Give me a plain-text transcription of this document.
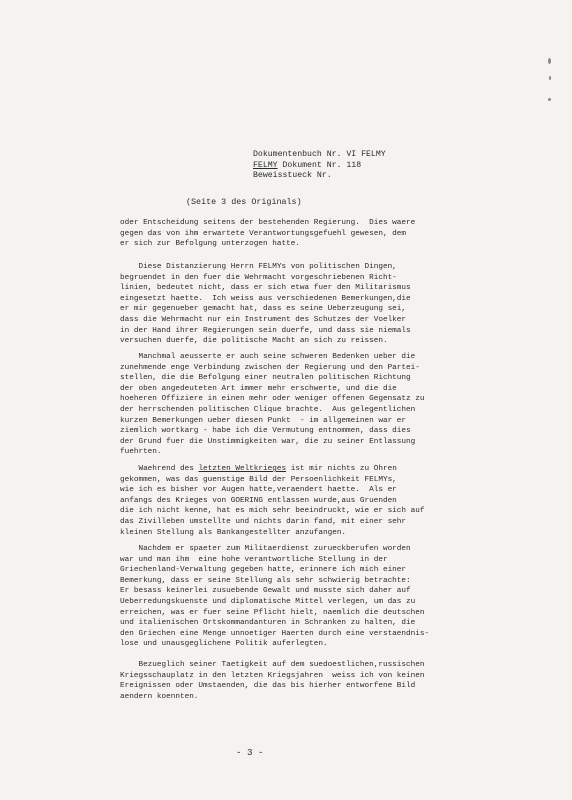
Dokumentenbuch Nr. VI FELMY
FELMY Dokument Nr. 118
Beweisstueck Nr.
(Seite 3 des Originals)
oder Entscheidung seitens der bestehenden Regierung.  Dies waere
gegen das von ihm erwartete Verantwortungsgefuehl gewesen, dem
er sich zur Befolgung unterzogen hatte.
Diese Distanzierung Herrn FELMYs von politischen Dingen,
begruendet in den fuer die Wehrmacht vorgeschriebenen Richt-
linien, bedeutet nicht, dass er sich etwa fuer den Militarismus
eingesetzt haette.  Ich weiss aus verschiedenen Bemerkungen,die
er mir gegenueber gemacht hat, dass es seine Ueberzeugung sei,
dass die Wehrmacht nur ein Instrument des Schutzes der Voelker
in der Hand ihrer Regierungen sein duerfe, und dass sie niemals
versuchen duerfe, die politische Macht an sich zu reissen.
Manchmal aeusserte er auch seine schweren Bedenken ueber die
zunehmende enge Verbindung zwischen der Regierung und den Partei-
stellen, die die Befolgung einer neutralen politischen Richtung
der oben angedeuteten Art immer mehr erschwerte, und die die
hoeheren Offiziere in einen mehr oder weniger offenen Gegensatz zu
der herrschenden politischen Clique brachte.  Aus gelegentlichen
kurzen Bemerkungen ueber diesen Punkt  - im allgemeinen war er
ziemlich wortkarg - habe ich die Vermutung entnommen, dass dies
der Grund fuer die Unstimmigkeiten war, die zu seiner Entlassung
fuehrten.
Waehrend des letzten Weltkrieges ist mir nichts zu Ohren
gekommen, was das guenstige Bild der Persoenlichkeit FELMYs,
wie ich es bisher vor Augen hatte,veraendert haette.  Als er
anfangs des Krieges von GOERING entlassen wurde,aus Gruenden
die ich nicht kenne, hat es mich sehr beeindruckt, wie er sich auf
das Zivilleben umstellte und nichts darin fand, mit einer sehr
kleinen Stellung als Bankangestellter anzufangen.
Nachdem er spaeter zum Militaerdienst zurueckberufen worden
war und man ihm  eine hohe verantwortliche Stellung in der
Griechenland-Verwaltung gegeben hatte, erinnere ich mich einer
Bemerkung, dass er seine Stellung als sehr schwierig betrachte:
Er besass keinerlei zusuebende Gewalt und musste sich daher auf
Ueberredungskuenste und diplomatische Mittel verlegen, um das zu
erreichen, was er fuer seine Pflicht hielt, naemlich die deutschen
und italienischen Ortskommandanturen in Schranken zu halten, die
den Griechen eine Menge unnoetiger Haerten durch eine verstaendnis-
lose und unausgeglichene Politik auferlegten.
Bezueglich seiner Taetigkeit auf dem suedoestlichen,russischen
Kriegsschauplatz in den letzten Kriegsjahren  weiss ich von keinen
Ereignissen oder Umstaenden, die das bis hierher entworfene Bild
aendern koennten.
- 3 -
